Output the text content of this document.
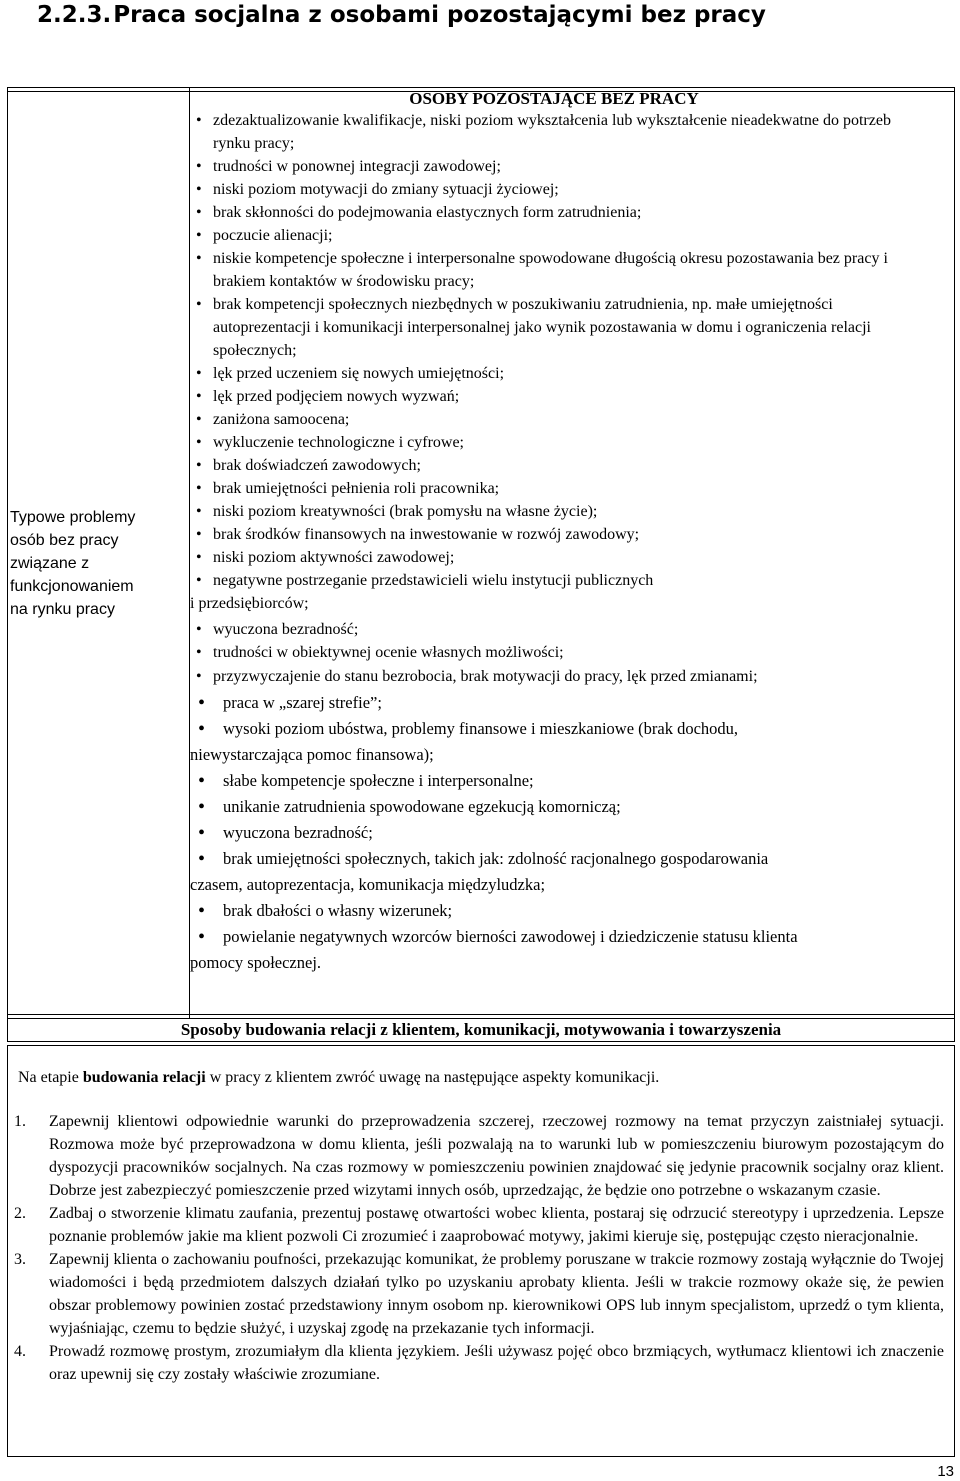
2.2.3.Praca socjalna z osobami pozostającymi bez pracy
Typowe problemy
osób bez pracy
związane z
funkcjonowaniem
na rynku pracy
OSOBY POZOSTAJĄCE BEZ PRACY
• zdezaktualizowanie kwalifikacje, niski poziom wykształcenia lub wykształcenie nieadekwatne do potrzeb rynku pracy;
• trudności w ponownej integracji zawodowej;
• niski poziom motywacji do zmiany sytuacji życiowej;
• brak skłonności do podejmowania elastycznych form zatrudnienia;
• poczucie alienacji;
• niskie kompetencje społeczne i interpersonalne spowodowane długością okresu pozostawania bez pracy i brakiem kontaktów w środowisku pracy;
• brak kompetencji społecznych niezbędnych w poszukiwaniu zatrudnienia, np. małe umiejętności autoprezentacji i komunikacji interpersonalnej jako wynik pozostawania w domu i ograniczenia relacji społecznych;
• lęk przed uczeniem się nowych umiejętności;
• lęk przed podjęciem nowych wyzwań;
• zaniżona samoocena;
• wykluczenie technologiczne i cyfrowe;
• brak doświadczeń zawodowych;
• brak umiejętności pełnienia roli pracownika;
• niski poziom kreatywności (brak pomysłu na własne życie);
• brak środków finansowych na inwestowanie w rozwój zawodowy;
• niski poziom aktywności zawodowej;
• negatywne postrzeganie przedstawicieli wielu instytucji publicznych
i przedsiębiorców;
• wyuczona bezradność;
• trudności w obiektywnej ocenie własnych możliwości;
• przyzwyczajenie do stanu bezrobocia, brak motywacji do pracy, lęk przed zmianami;
• praca w „szarej strefie”;
• wysoki poziom ubóstwa, problemy finansowe i mieszkaniowe (brak dochodu,
niewystarczająca pomoc finansowa);
• słabe kompetencje społeczne i interpersonalne;
• unikanie zatrudnienia spowodowane egzekucją komorniczą;
• wyuczona bezradność;
• brak umiejętności społecznych, takich jak: zdolność racjonalnego gospodarowania
czasem, autoprezentacja, komunikacja międzyludzka;
• brak dbałości o własny wizerunek;
• powielanie negatywnych wzorców bierności zawodowej i dziedziczenie statusu klienta
pomocy społecznej.
Sposoby budowania relacji z klientem, komunikacji, motywowania i towarzyszenia
Na etapie budowania relacji w pracy z klientem zwróć uwagę na następujące aspekty komunikacji.
1. Zapewnij klientowi odpowiednie warunki do przeprowadzenia szczerej, rzeczowej rozmowy na temat przyczyn zaistniałej sytuacji. Rozmowa może być przeprowadzona w domu klienta, jeśli pozwalają na to warunki lub w pomieszczeniu biurowym pozostającym do dyspozycji pracowników socjalnych. Na czas rozmowy w pomieszczeniu powinien znajdować się jedynie pracownik socjalny oraz klient. Dobrze jest zabezpieczyć pomieszczenie przed wizytami innych osób, uprzedzając, że będzie ono potrzebne o wskazanym czasie.
2. Zadbaj o stworzenie klimatu zaufania, prezentuj postawę otwartości wobec klienta, postaraj się odrzucić stereotypy i uprzedzenia. Lepsze poznanie problemów jakie ma klient pozwoli Ci zrozumieć i zaaprobować motywy, jakimi kieruje się, postępując często nieracjonalnie.
3. Zapewnij klienta o zachowaniu poufności, przekazując komunikat, że problemy poruszane w trakcie rozmowy zostają wyłącznie do Twojej wiadomości i będą przedmiotem dalszych działań tylko po uzyskaniu aprobaty klienta. Jeśli w trakcie rozmowy okaże się, że pewien obszar problemowy powinien zostać przedstawiony innym osobom np. kierownikowi OPS lub innym specjalistom, uprzedź o tym klienta, wyjaśniając, czemu to będzie służyć, i uzyskaj zgodę na przekazanie tych informacji.
4. Prowadź rozmowę prostym, zrozumiałym dla klienta językiem. Jeśli używasz pojęć obco brzmiących, wytłumacz klientowi ich znaczenie oraz upewnij się czy zostały właściwie zrozumiane.
13
